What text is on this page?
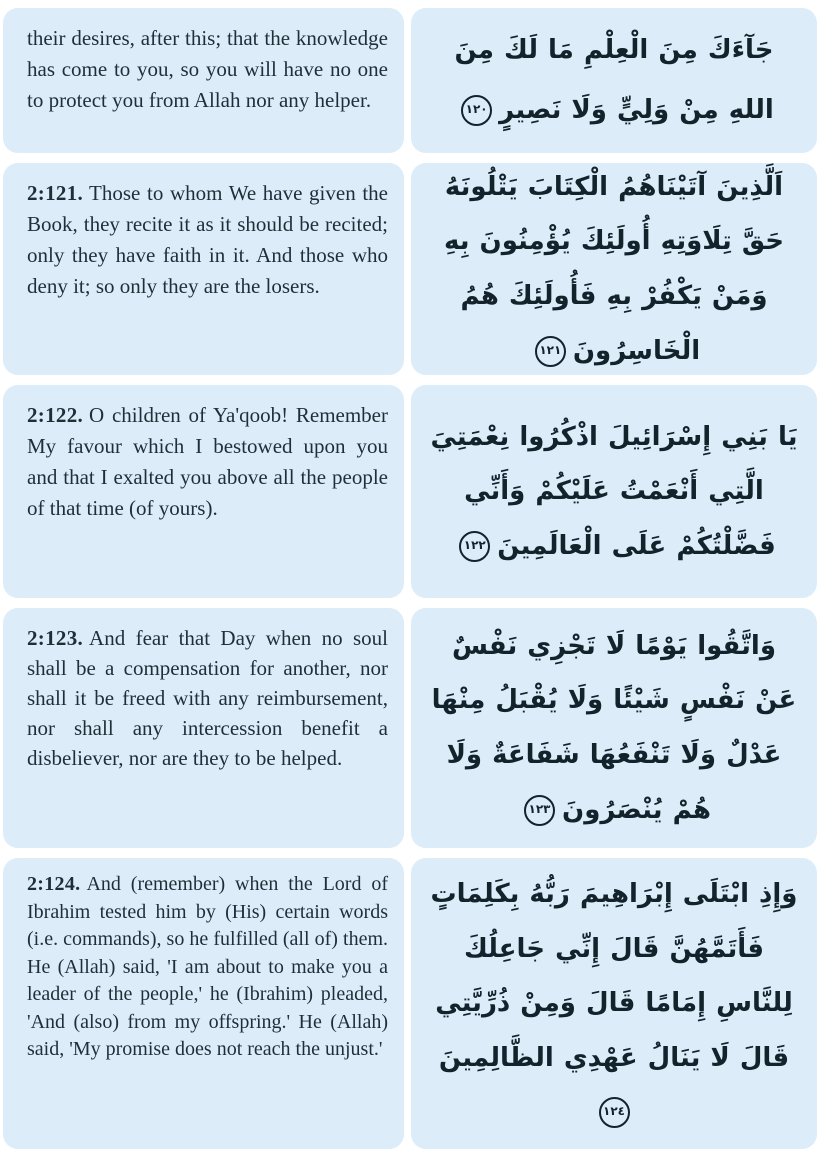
their desires, after this; that the knowledge has come to you, so you will have no one to protect you from Allah nor any helper.
جَآءَكَ مِنَ الْعِلْمِ مَا لَكَ مِنَ اللهِ مِنْ وَلِيٍّ وَلَا نَصِيرٍ١٢٠
2:121. Those to whom We have given the Book, they recite it as it should be recited; only they have faith in it. And those who deny it; so only they are the losers.
اَلَّذِينَ آتَيْنَاهُمُ الْكِتَابَ يَتْلُونَهُ حَقَّ تِلَاوَتِهِ أُولَئِكَ يُؤْمِنُونَ بِهِ وَمَنْ يَكْفُرْ بِهِ فَأُولَئِكَ هُمُ الْخَاسِرُونَ١٢١
2:122. O children of Ya'qoob! Remember My favour which I bestowed upon you and that I exalted you above all the people of that time (of yours).
يَا بَنِي إِسْرَائِيلَ اذْكُرُوا نِعْمَتِيَ الَّتِي أَنْعَمْتُ عَلَيْكُمْ وَأَنِّي فَضَّلْتُكُمْ عَلَى الْعَالَمِينَ١٢٢
2:123. And fear that Day when no soul shall be a compensation for another, nor shall it be freed with any reimbursement, nor shall any intercession benefit a disbeliever, nor are they to be helped.
وَاتَّقُوا يَوْمًا لَا تَجْزِي نَفْسٌ عَنْ نَفْسٍ شَيْئًا وَلَا يُقْبَلُ مِنْهَا عَدْلٌ وَلَا تَنْفَعُهَا شَفَاعَةٌ وَلَا هُمْ يُنْصَرُونَ١٢٣
2:124. And (remember) when the Lord of Ibrahim tested him by (His) certain words (i.e. commands), so he fulfilled (all of) them. He (Allah) said, 'I am about to make you a leader of the people,' he (Ibrahim) pleaded, 'And (also) from my offspring.' He (Allah) said, 'My promise does not reach the unjust.'
وَإِذِ ابْتَلَى إِبْرَاهِيمَ رَبُّهُ بِكَلِمَاتٍ فَأَتَمَّهُنَّ قَالَ إِنِّي جَاعِلُكَ لِلنَّاسِ إِمَامًا قَالَ وَمِنْ ذُرِّيَّتِي قَالَ لَا يَنَالُ عَهْدِي الظَّالِمِينَ١٢٤
